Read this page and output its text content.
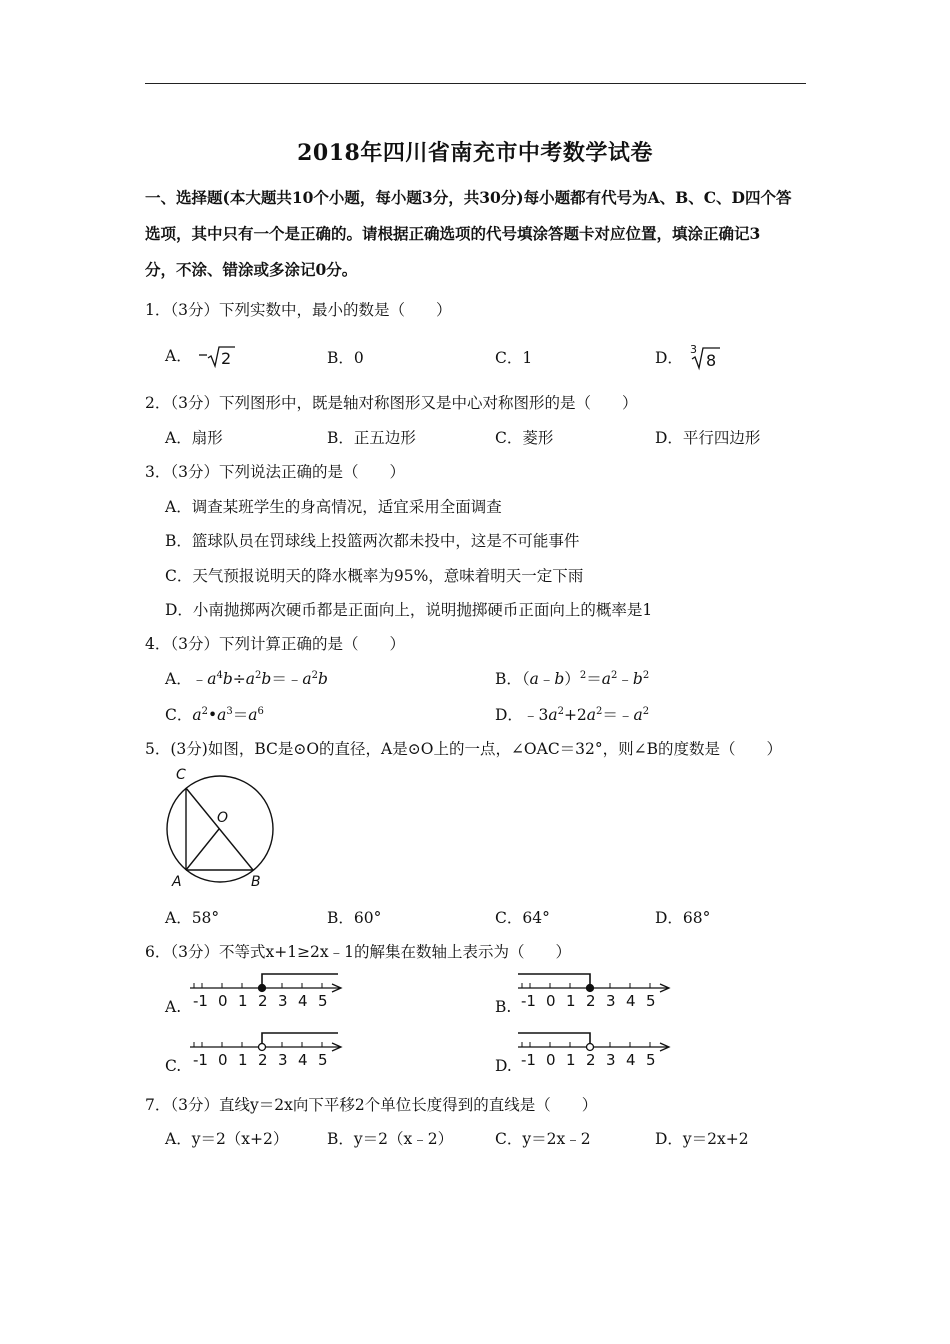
2018年四川省南充市中考数学试卷
一、选择题(本大题共10个小题，每小题3分，共30分)每小题都有代号为A、B、C、D四个答
选项，其中只有一个是正确的。请根据正确选项的代号填涂答题卡对应位置，填涂正确记3
分，不涂、错涂或多涂记0分。
1．（3分）下列实数中，最小的数是（　　）
A． 2	B．0	C．1	D． 3
8
2．（3分）下列图形中，既是轴对称图形又是中心对称图形的是（　　）
A．扇形	B．正五边形	C．菱形	D．平行四边形
3．（3分）下列说法正确的是（　　）
A．调查某班学生的身高情况，适宜采用全面调查
B．篮球队员在罚球线上投篮两次都未投中，这是不可能事件
C．天气预报说明天的降水概率为95%，意味着明天一定下雨
D．小南抛掷两次硬币都是正面向上，说明抛掷硬币正面向上的概率是1
4．（3分）下列计算正确的是（　　）
A．$﹣a^4b\div a^2b=﹣a^2b$	B．$(a﹣b)^2=a^2﹣b^2$
C．$a^2•a^3=a^6$	D．$﹣3a^2+2a^2=﹣a^2$
5．(3分)如图，BC是⊙O的直径，A是⊙O上的一点，∠OAC＝32°，则∠B的度数是（　　）
C
O
A	B
A．58°	B．60°	C．64°	D．68°
6．（3分）不等式x+1≥2x﹣1的解集在数轴上表示为（　　）
A.	B.
C.	D.
-1 0 1 2 3 4 5	-1 0 1 2 3 4 5
-1 0 1 2 3 4 5	-1 0 1 2 3 4 5
7．（3分）直线y＝2x向下平移2个单位长度得到的直线是（　　）
A．y＝2（x+2） B．y＝2（x﹣2）	C．y＝2x﹣2	D．y＝2x+2
